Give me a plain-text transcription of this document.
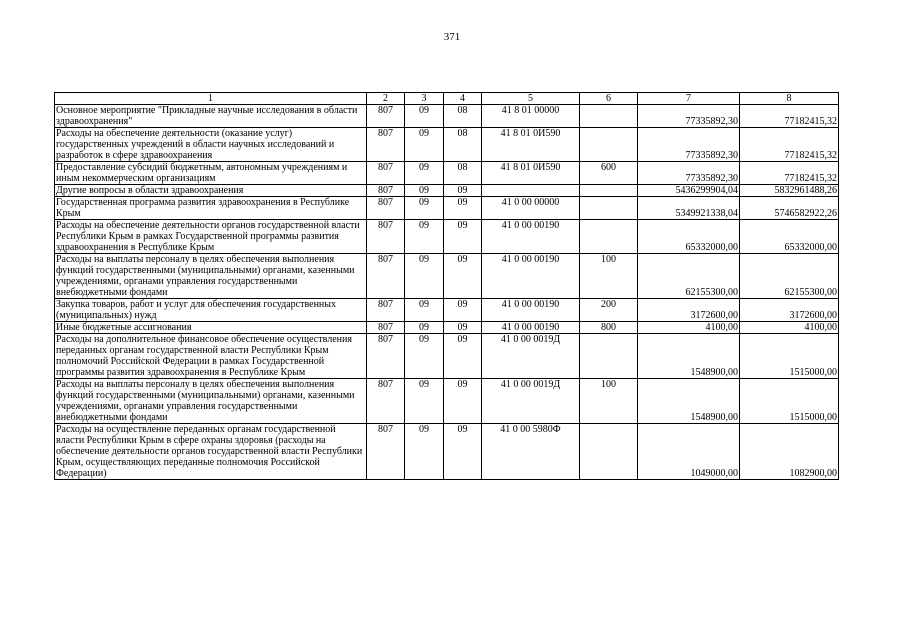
371
1	2	3	4	5	6	7	8
Основное мероприятие "Прикладные научные исследования в области здравоохранения"	807	09	08	41 8 01 00000		77335892,30	77182415,32
Расходы на обеспечение деятельности (оказание услуг) государственных учреждений в области научных исследований и разработок в сфере здравоохранения	807	09	08	41 8 01 0И590		77335892,30	77182415,32
Предоставление субсидий бюджетным, автономным учреждениям и иным некоммерческим организациям	807	09	08	41 8 01 0И590	600	77335892,30	77182415,32
Другие вопросы в области здравоохранения	807	09	09			5436299904,04	5832961488,26
Государственная программа развития здравоохранения в Республике Крым	807	09	09	41 0 00 00000		5349921338,04	5746582922,26
Расходы на обеспечение деятельности органов государственной власти Республики Крым в рамках Государственной программы развития здравоохранения в Республике Крым	807	09	09	41 0 00 00190		65332000,00	65332000,00
Расходы на выплаты персоналу в целях обеспечения выполнения функций государственными (муниципальными) органами, казенными учреждениями, органами управления государственными внебюджетными фондами	807	09	09	41 0 00 00190	100	62155300,00	62155300,00
Закупка товаров, работ и услуг для обеспечения государственных (муниципальных) нужд	807	09	09	41 0 00 00190	200	3172600,00	3172600,00
Иные бюджетные ассигнования	807	09	09	41 0 00 00190	800	4100,00	4100,00
Расходы на дополнительное финансовое обеспечение осуществления переданных органам государственной власти Республики Крым полномочий Российской Федерации в рамках Государственной программы развития здравоохранения в Республике Крым	807	09	09	41 0 00 0019Д		1548900,00	1515000,00
Расходы на выплаты персоналу в целях обеспечения выполнения функций государственными (муниципальными) органами, казенными учреждениями, органами управления государственными внебюджетными фондами	807	09	09	41 0 00 0019Д	100	1548900,00	1515000,00
Расходы на осуществление переданных органам государственной власти Республики Крым в сфере охраны здоровья (расходы на обеспечение деятельности органов государственной власти Республики Крым, осуществляющих переданные полномочия Российской Федерации)	807	09	09	41 0 00 5980Ф		1049000,00	1082900,00
